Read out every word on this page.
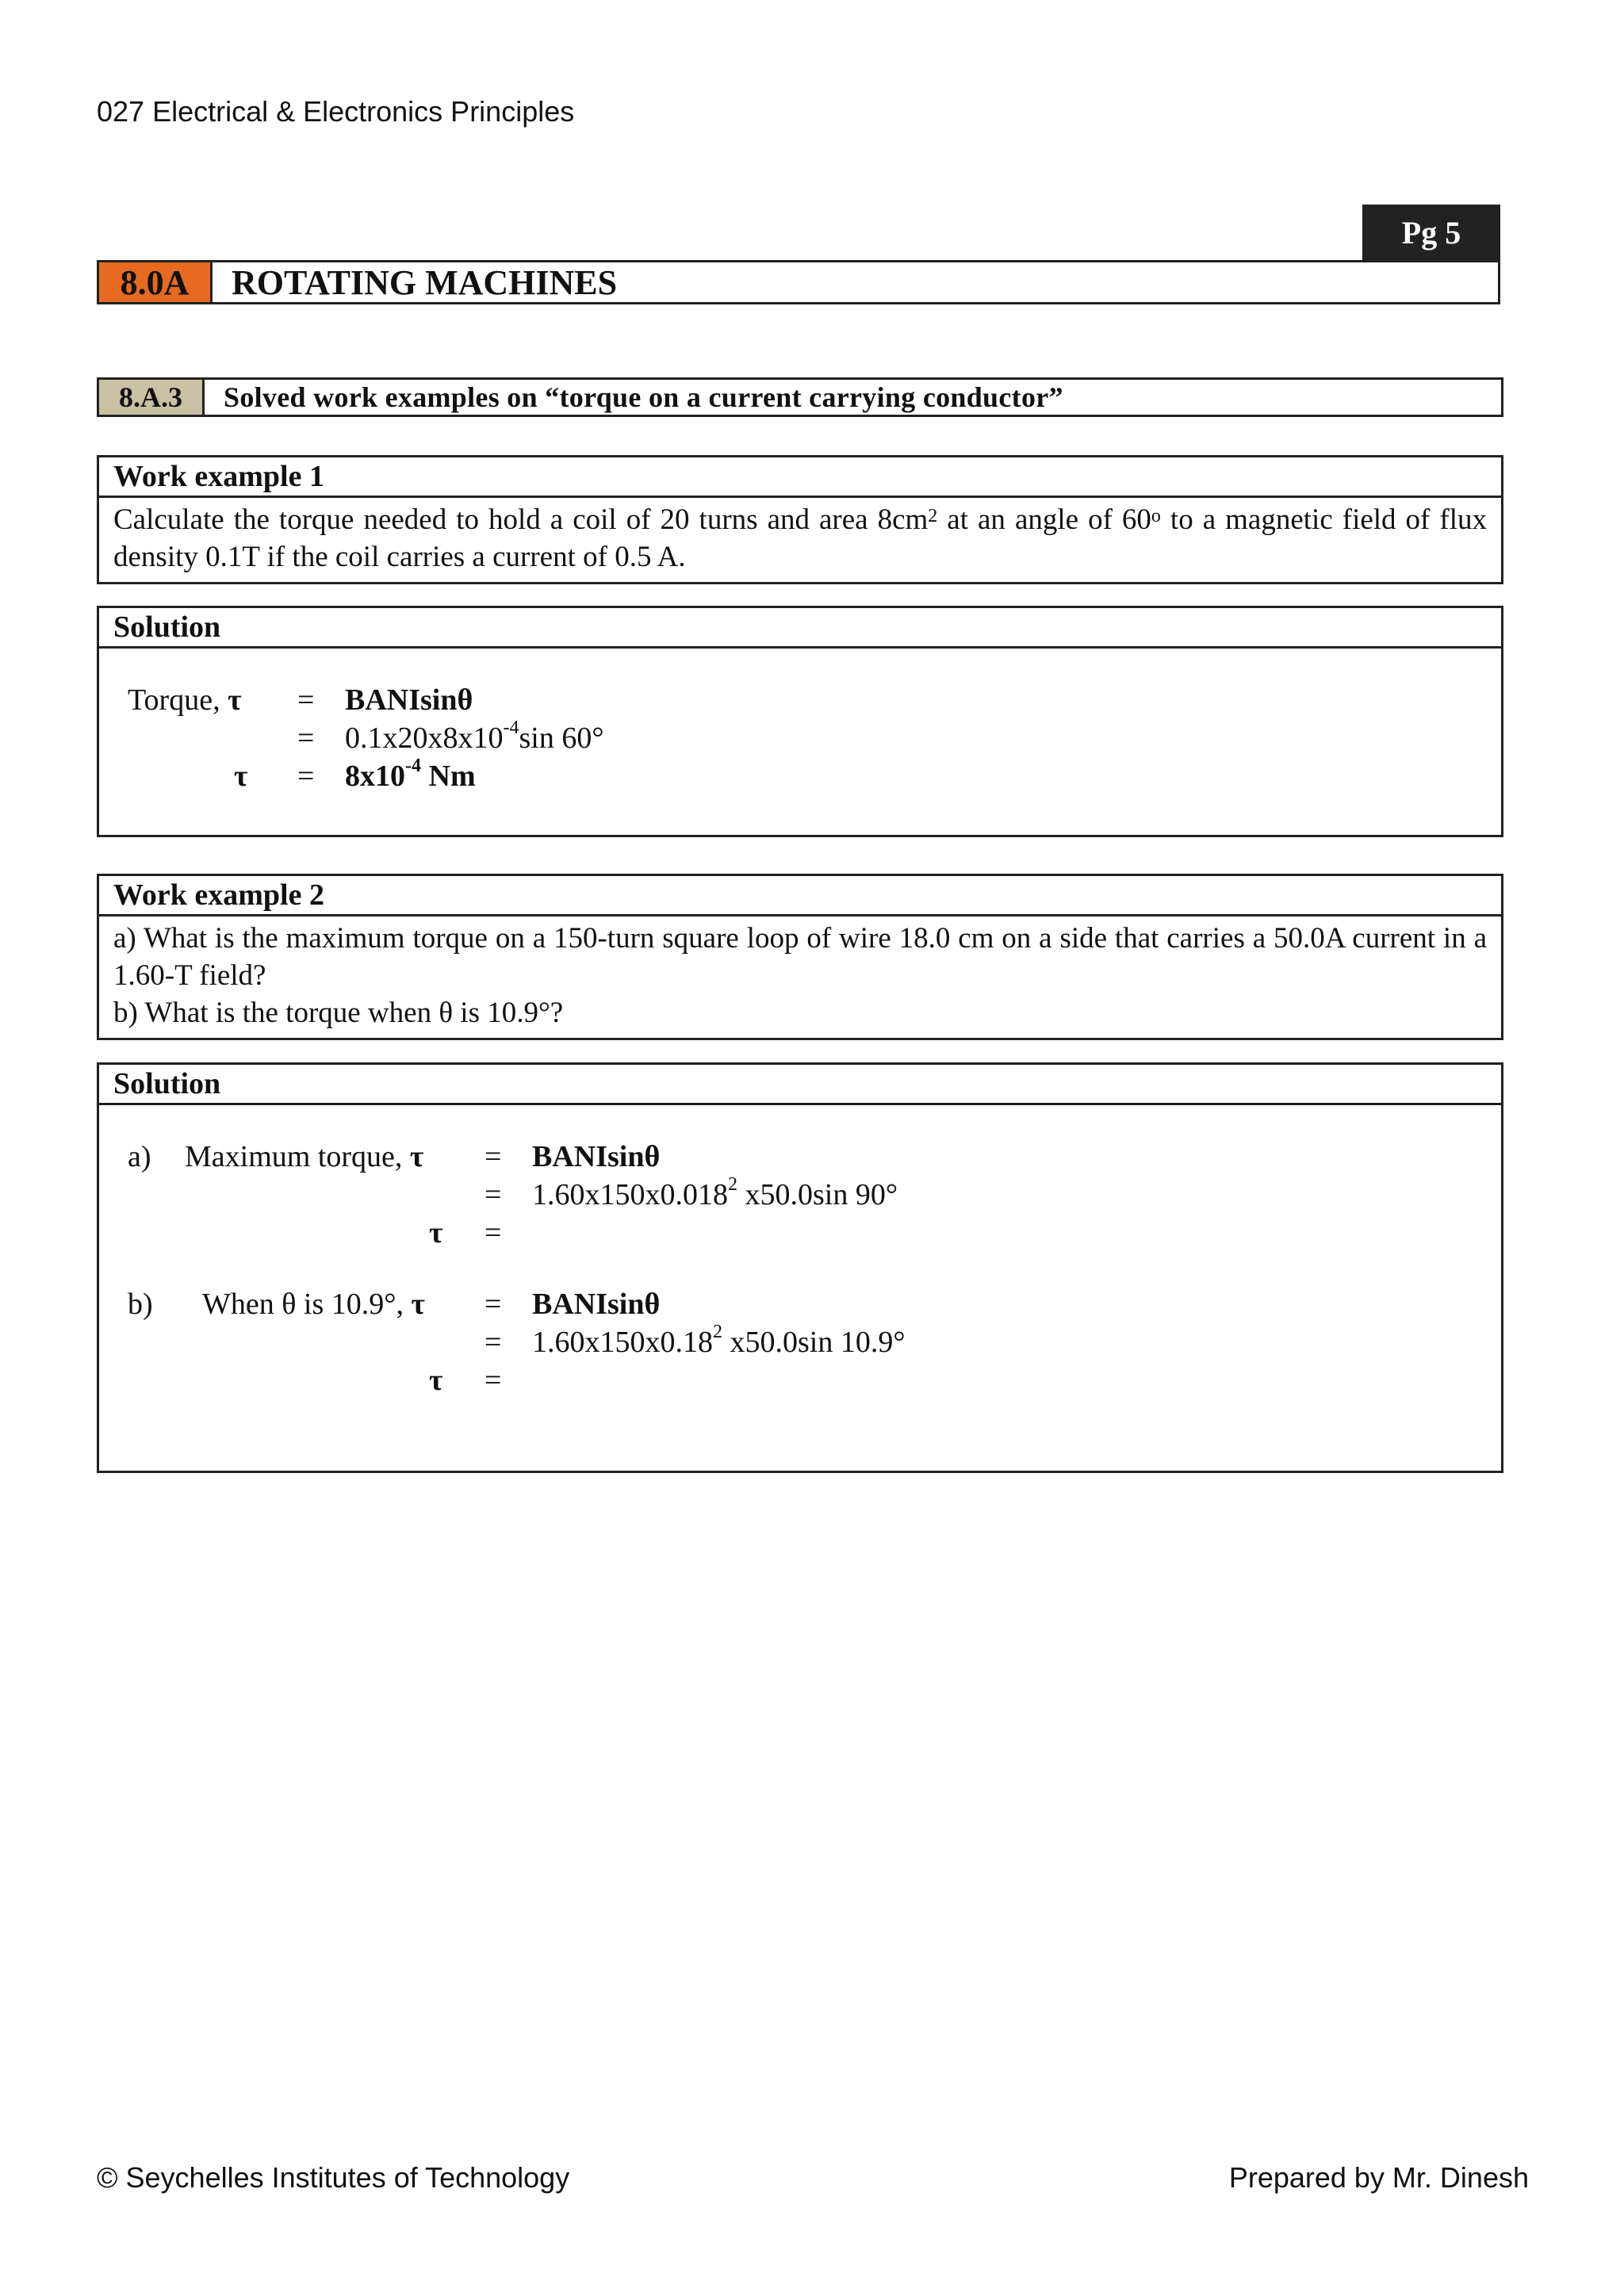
027 Electrical & Electronics Principles
Pg 5
8.0A	ROTATING MACHINES
8.A.3	Solved work examples on “torque on a current carrying conductor”
Work example 1
Calculate the torque needed to hold a coil of 20 turns and area $8cm^2$ at an angle of 60$^o$ to a magnetic field of flux density 0.1T if the coil carries a current of 0.5 A.
Solution
Torque, τ = BANIsinθ
= $0.1x20x8x10^{-4}\sin$ 60°
$\tau = 8x10^{-4}$ Nm
Work example 2
a) What is the maximum torque on a 150-turn square loop of wire 18.0 cm on a side that carries a 50.0A current in a 1.60-T field?
b) What is the torque when θ is 10.9°?
Solution
a) Maximum torque, τ = BANIsinθ
= $1.60x150x0.018^2$ x50.0sin 90°
τ =
b) When θ is 10.9°, τ = BANIsinθ
= $1.60x150x0.18^2$ x50.0sin 10.9°
τ =
© Seychelles Institutes of Technology	Prepared by Mr. Dinesh
